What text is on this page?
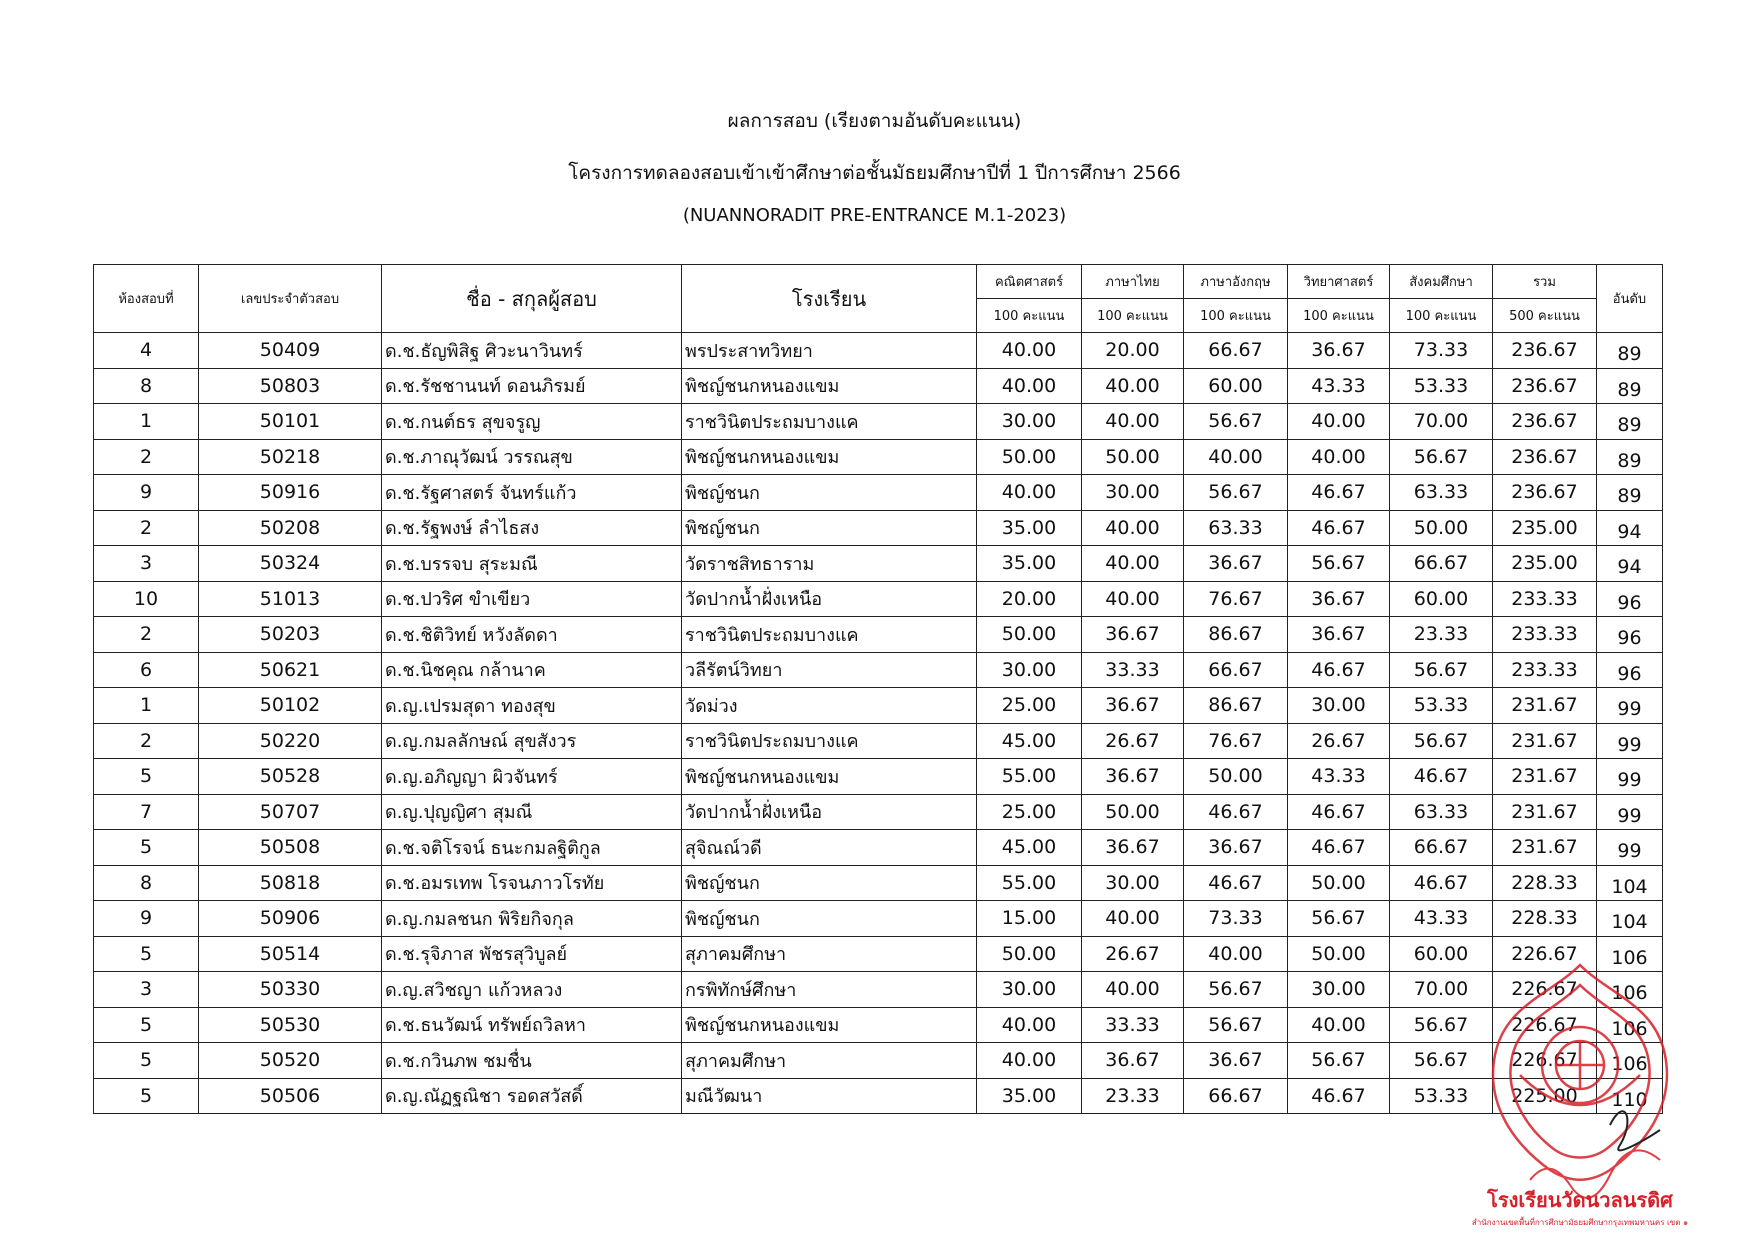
ผลการสอบ (เรียงตามอันดับคะแนน)
โครงการทดลองสอบเข้าเข้าศึกษาต่อชั้นมัธยมศึกษาปีที่ 1 ปีการศึกษา 2566
(NUANNORADIT PRE-ENTRANCE M.1-2023)
ห้องสอบที่	เลขประจำตัวสอบ	ชื่อ - สกุลผู้สอบ	โรงเรียน	คณิตศาสตร์	ภาษาไทย	ภาษาอังกฤษ	วิทยาศาสตร์	สังคมศึกษา	รวม	อันดับ
				100 คะแนน	100 คะแนน	100 คะแนน	100 คะแนน	100 คะแนน	500 คะแนน	
4	50409	ด.ช.ธัญพิสิฐ ศิวะนาวินทร์	พรประสาทวิทยา	40.00	20.00	66.67	36.67	73.33	236.67	89
8	50803	ด.ช.รัชชานนท์ ดอนภิรมย์	พิชญ์ชนกหนองแขม	40.00	40.00	60.00	43.33	53.33	236.67	89
1	50101	ด.ช.กนต์ธร สุขจรูญ	ราชวินิตประถมบางแค	30.00	40.00	56.67	40.00	70.00	236.67	89
2	50218	ด.ช.ภาณุวัฒน์ วรรณสุข	พิชญ์ชนกหนองแขม	50.00	50.00	40.00	40.00	56.67	236.67	89
9	50916	ด.ช.รัฐศาสตร์ จันทร์แก้ว	พิชญ์ชนก	40.00	30.00	56.67	46.67	63.33	236.67	89
2	50208	ด.ช.รัฐพงษ์ ลำไธสง	พิชญ์ชนก	35.00	40.00	63.33	46.67	50.00	235.00	94
3	50324	ด.ช.บรรจบ สุระมณี	วัดราชสิทธาราม	35.00	40.00	36.67	56.67	66.67	235.00	94
10	51013	ด.ช.ปวริศ ขำเขียว	วัดปากน้ำฝั่งเหนือ	20.00	40.00	76.67	36.67	60.00	233.33	96
2	50203	ด.ช.ชิติวิทย์ หวังลัดดา	ราชวินิตประถมบางแค	50.00	36.67	86.67	36.67	23.33	233.33	96
6	50621	ด.ช.นิชคุณ กล้านาค	วลีรัตน์วิทยา	30.00	33.33	66.67	46.67	56.67	233.33	96
1	50102	ด.ญ.เปรมสุดา ทองสุข	วัดม่วง	25.00	36.67	86.67	30.00	53.33	231.67	99
2	50220	ด.ญ.กมลลักษณ์ สุขสังวร	ราชวินิตประถมบางแค	45.00	26.67	76.67	26.67	56.67	231.67	99
5	50528	ด.ญ.อภิญญา ผิวจันทร์	พิชญ์ชนกหนองแขม	55.00	36.67	50.00	43.33	46.67	231.67	99
7	50707	ด.ญ.ปุญญิศา สุมณี	วัดปากน้ำฝั่งเหนือ	25.00	50.00	46.67	46.67	63.33	231.67	99
5	50508	ด.ช.จติโรจน์ ธนะกมลฐิติกูล	สุจิณณ์วดี	45.00	36.67	36.67	46.67	66.67	231.67	99
8	50818	ด.ช.อมรเทพ โรจนภาวโรทัย	พิชญ์ชนก	55.00	30.00	46.67	50.00	46.67	228.33	104
9	50906	ด.ญ.กมลชนก พิริยกิจกุล	พิชญ์ชนก	15.00	40.00	73.33	56.67	43.33	228.33	104
5	50514	ด.ช.รุจิภาส พัชรสุวิบูลย์	สุภาคมศึกษา	50.00	26.67	40.00	50.00	60.00	226.67	106
3	50330	ด.ญ.สวิชญา แก้วหลวง	กรพิทักษ์ศึกษา	30.00	40.00	56.67	30.00	70.00	226.67	106
5	50530	ด.ช.ธนวัฒน์ ทรัพย์ถวิลหา	พิชญ์ชนกหนองแขม	40.00	33.33	56.67	40.00	56.67	226.67	106
5	50520	ด.ช.กวินภพ ชมชื่น	สุภาคมศึกษา	40.00	36.67	36.67	56.67	56.67	226.67	106
5	50506	ด.ญ.ณัฏฐณิชา รอดสวัสดิ์	มณีวัฒนา	35.00	23.33	66.67	46.67	53.33	225.00	110
โรงเรียนวัดนวลนรดิศ
สำนักงานเขตพื้นที่การศึกษามัธยมศึกษากรุงเทพมหานคร เขต ๑
